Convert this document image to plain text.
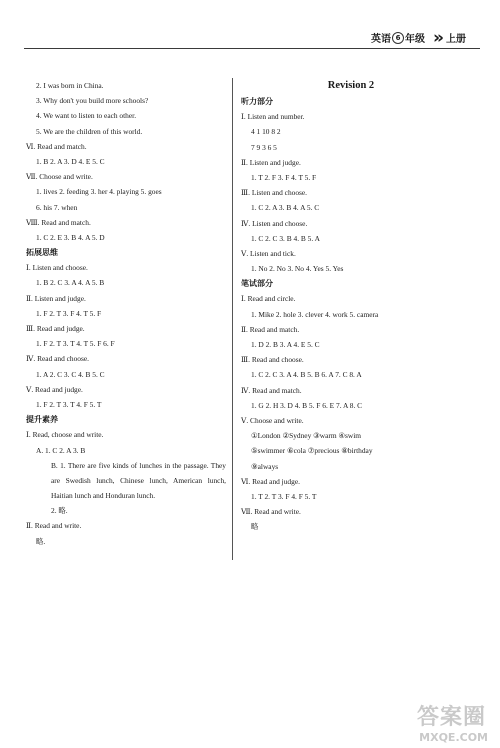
英语 6 年级 » 上册
2. I was born in China.
3. Why don't you build more schools?
4. We want to listen to each other.
5. We are the children of this world.
Ⅵ. Read and match.
1. B 2. A 3. D 4. E 5. C
Ⅶ. Choose and write.
1. lives 2. feeding 3. her 4. playing 5. goes
6. his 7. when
Ⅷ. Read and match.
1. C 2. E 3. B 4. A 5. D
拓展思维
Ⅰ. Listen and choose.
1. B 2. C 3. A 4. A 5. B
Ⅱ. Listen and judge.
1. F 2. T 3. F 4. T 5. F
Ⅲ. Read and judge.
1. F 2. T 3. T 4. T 5. F 6. F
Ⅳ. Read and choose.
1. A 2. C 3. C 4. B 5. C
Ⅴ. Read and judge.
1. F 2. T 3. T 4. F 5. T
提升素养
Ⅰ. Read, choose and write.
A. 1. C 2. A 3. B
B. 1. There are five kinds of lunches in the passage. They are Swedish lunch, Chinese lunch, American lunch, Haitian lunch and Honduran lunch.
2. 略.
Ⅱ. Read and write.
略.
Revision 2
听力部分
Ⅰ. Listen and number.
4 1 10 8 2
7 9 3 6 5
Ⅱ. Listen and judge.
1. T 2. F 3. F 4. T 5. F
Ⅲ. Listen and choose.
1. C 2. A 3. B 4. A 5. C
Ⅳ. Listen and choose.
1. C 2. C 3. B 4. B 5. A
Ⅴ. Listen and tick.
1. No 2. No 3. No 4. Yes 5. Yes
笔试部分
Ⅰ. Read and circle.
1. Mike 2. hole 3. clever 4. work 5. camera
Ⅱ. Read and match.
1. D 2. B 3. A 4. E 5. C
Ⅲ. Read and choose.
1. C 2. C 3. A 4. B 5. B 6. A 7. C 8. A
Ⅳ. Read and match.
1. G 2. H 3. D 4. B 5. F 6. E 7. A 8. C
Ⅴ. Choose and write.
①London ②Sydney ③warm ④swim
⑤swimmer ⑥cola ⑦precious ⑧birthday
⑨always
Ⅵ. Read and judge.
1. T 2. T 3. F 4. F 5. T
Ⅶ. Read and write.
略
答案圈
MXQE.COM
